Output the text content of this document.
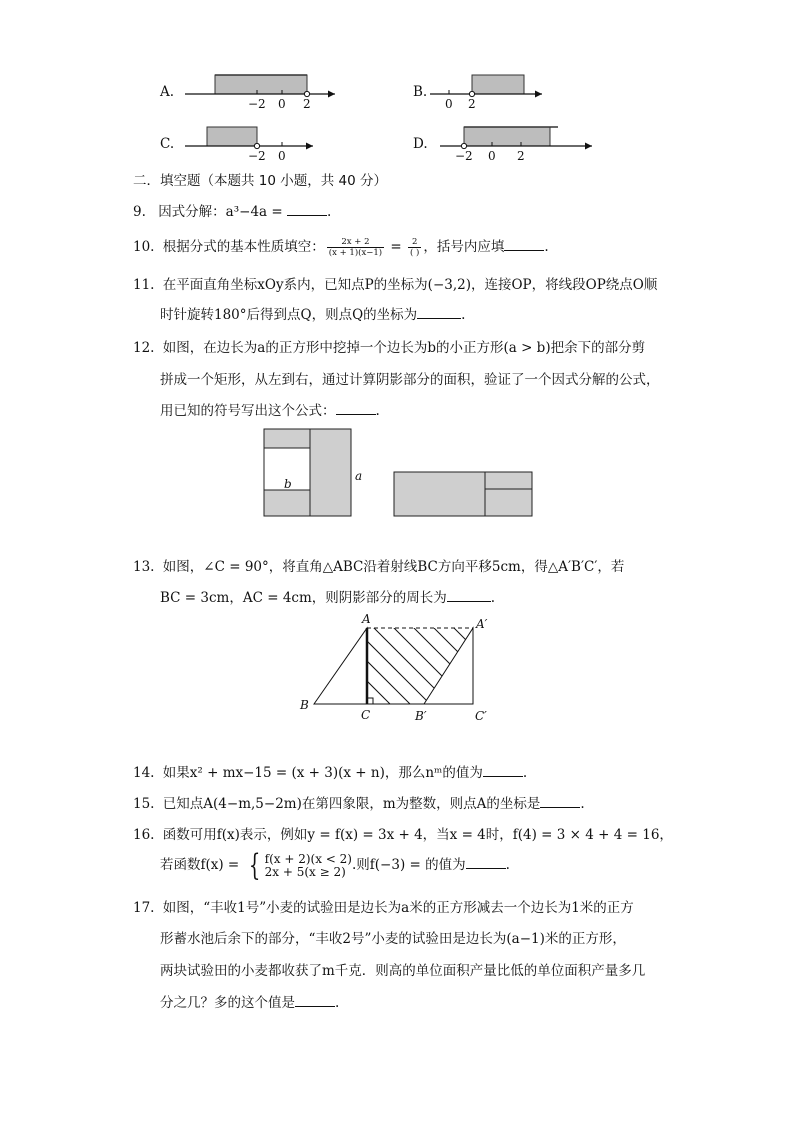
A.
−2 0 2
B.
0 2
C.
−2 0
D.
−2 0 2
二．填空题（本题共 10 小题，共 40 分）
9. 因式分解：a³−4a =	.
10. 根据分式的基本性质填空： $\frac{2x + 2}{(x + 1)(x-1)} = \frac{2}{( )}$ ，括号内应填	.
11. 在平面直角坐标xOy系内，已知点P的坐标为(−3,2)，连接OP，将线段OP绕点O顺
时针旋转180°后得到点Q，则点Q的坐标为	.
12. 如图，在边长为a的正方形中挖掉一个边长为b的小正方形(a > b)把余下的部分剪
拼成一个矩形，从左到右，通过计算阴影部分的面积，验证了一个因式分解的公式，
用已知的符号写出这个公式：	.
b
a
13. 如图，∠C = 90°，将直角△ABC沿着射线BC方向平移5cm，得△A′B′C′，若
BC = 3cm，AC = 4cm，则阴影部分的周长为	.
A	A′
B
C	B′	C′
14. 如果x² + mx−15 = (x + 3)(x + n)，那么nᵐ的值为	.
15. 已知点A(4−m,5−2m)在第四象限，m为整数，则点A的坐标是	.
16. 函数可用f(x)表示，例如y = f(x) = 3x + 4，当x = 4时，f(4) = 3 × 4 + 4 = 16，
若函数f(x) = { f(x + 2)(x < 2)
2x + 5(x ≥ 2) .则f(−3) = 的值为	.
17. 如图，“丰收1号”小麦的试验田是边长为a米的正方形减去一个边长为1米的正方
形蓄水池后余下的部分，“丰收2号”小麦的试验田是边长为(a−1)米的正方形，
两块试验田的小麦都收获了m千克．则高的单位面积产量比低的单位面积产量多几
分之几？多的这个值是	.
